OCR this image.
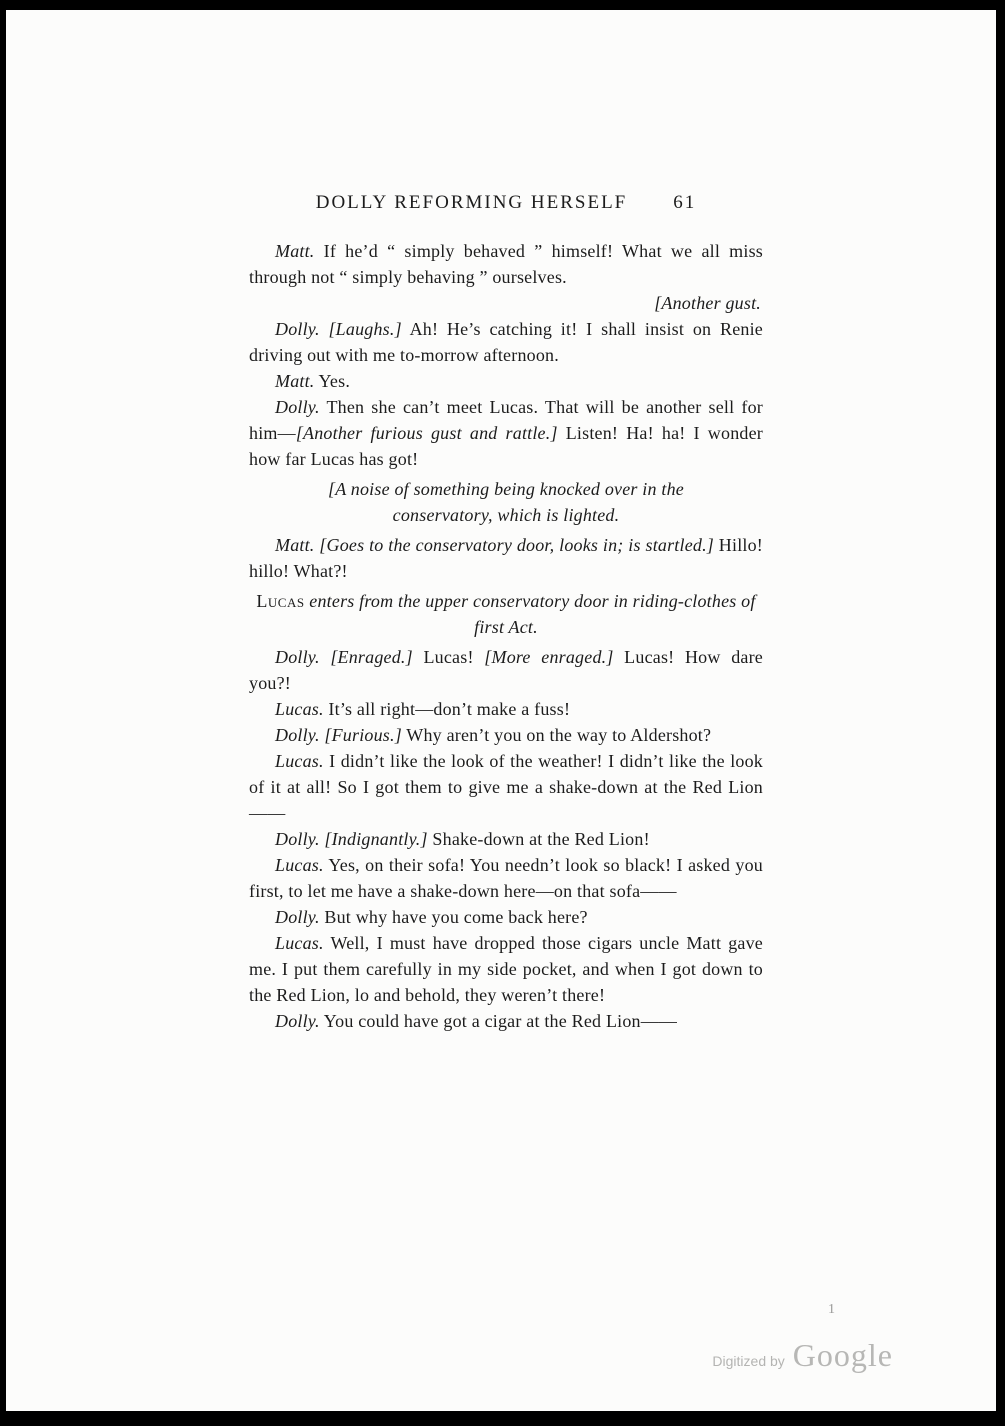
DOLLY REFORMING HERSELF 61

Matt. If he’d “ simply behaved ” himself! What we all miss through not “ simply behaving ” ourselves.

[Another gust.

Dolly. [Laughs.] Ah! He’s catching it! I shall insist on Renie driving out with me to-morrow afternoon.

Matt. Yes.

Dolly. Then she can’t meet Lucas. That will be another sell for him—[Another furious gust and rattle.] Listen! Ha! ha! I wonder how far Lucas has got!

[A noise of something being knocked over in the conservatory, which is lighted.

Matt. [Goes to the conservatory door, looks in; is startled.] Hillo! hillo! What?!

Lucas enters from the upper conservatory door in riding-clothes of first Act.

Dolly. [Enraged.] Lucas! [More enraged.] Lucas! How dare you?!

Lucas. It’s all right—don’t make a fuss!

Dolly. [Furious.] Why aren’t you on the way to Aldershot?

Lucas. I didn’t like the look of the weather! I didn’t like the look of it at all! So I got them to give me a shake-down at the Red Lion——

Dolly. [Indignantly.] Shake-down at the Red Lion!

Lucas. Yes, on their sofa! You needn’t look so black! I asked you first, to let me have a shake-down here—on that sofa——

Dolly. But why have you come back here?

Lucas. Well, I must have dropped those cigars uncle Matt gave me. I put them carefully in my side pocket, and when I got down to the Red Lion, lo and behold, they weren’t there!

Dolly. You could have got a cigar at the Red Lion——

1
Digitized by Google
